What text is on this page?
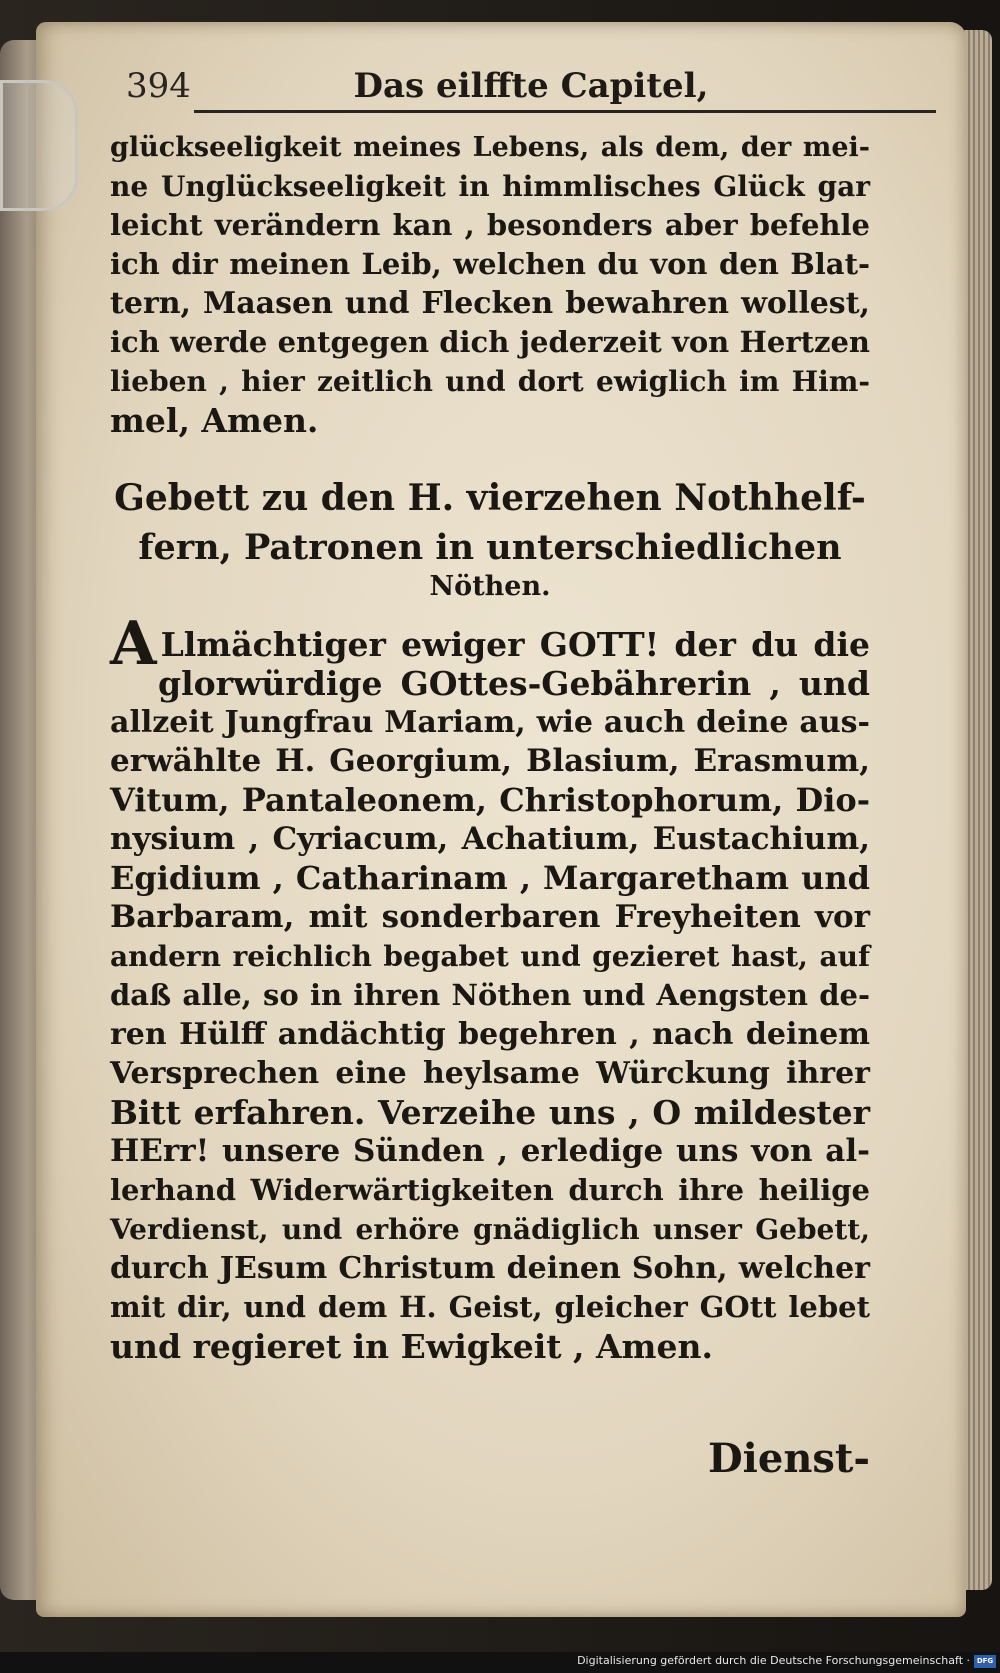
394	Das eilffte Capitel,
glückseeligkeit meines Lebens, als dem, der mei-
ne Unglückseeligkeit in himmlisches Glück gar
leicht verändern kan , besonders aber befehle
ich dir meinen Leib, welchen du von den Blat-
tern, Maasen und Flecken bewahren wollest,
ich werde entgegen dich jederzeit von Hertzen
lieben , hier zeitlich und dort ewiglich im Him-
mel, Amen.
Gebett zu den H. vierzehen Nothhelf-
fern, Patronen in unterschiedlichen
Nöthen.
A Llmächtiger ewiger GOTT! der du die
glorwürdige GOttes-Gebährerin , und
allzeit Jungfrau Mariam, wie auch deine aus-
erwählte H. Georgium, Blasium, Erasmum,
Vitum, Pantaleonem, Christophorum, Dio-
nysium , Cyriacum, Achatium, Eustachium,
Egidium , Catharinam , Margaretham und
Barbaram, mit sonderbaren Freyheiten vor
andern reichlich begabet und gezieret hast, auf
daß alle, so in ihren Nöthen und Aengsten de-
ren Hülff andächtig begehren , nach deinem
Versprechen eine heylsame Würckung ihrer
Bitt erfahren. Verzeihe uns , O mildester
HErr! unsere Sünden , erledige uns von al-
lerhand Widerwärtigkeiten durch ihre heilige
Verdienst, und erhöre gnädiglich unser Gebett,
durch JEsum Christum deinen Sohn, welcher
mit dir, und dem H. Geist, gleicher GOtt lebet
und regieret in Ewigkeit , Amen.
Dienst-
Digitalisierung gefördert durch die Deutsche Forschungsgemeinschaft · DFG
